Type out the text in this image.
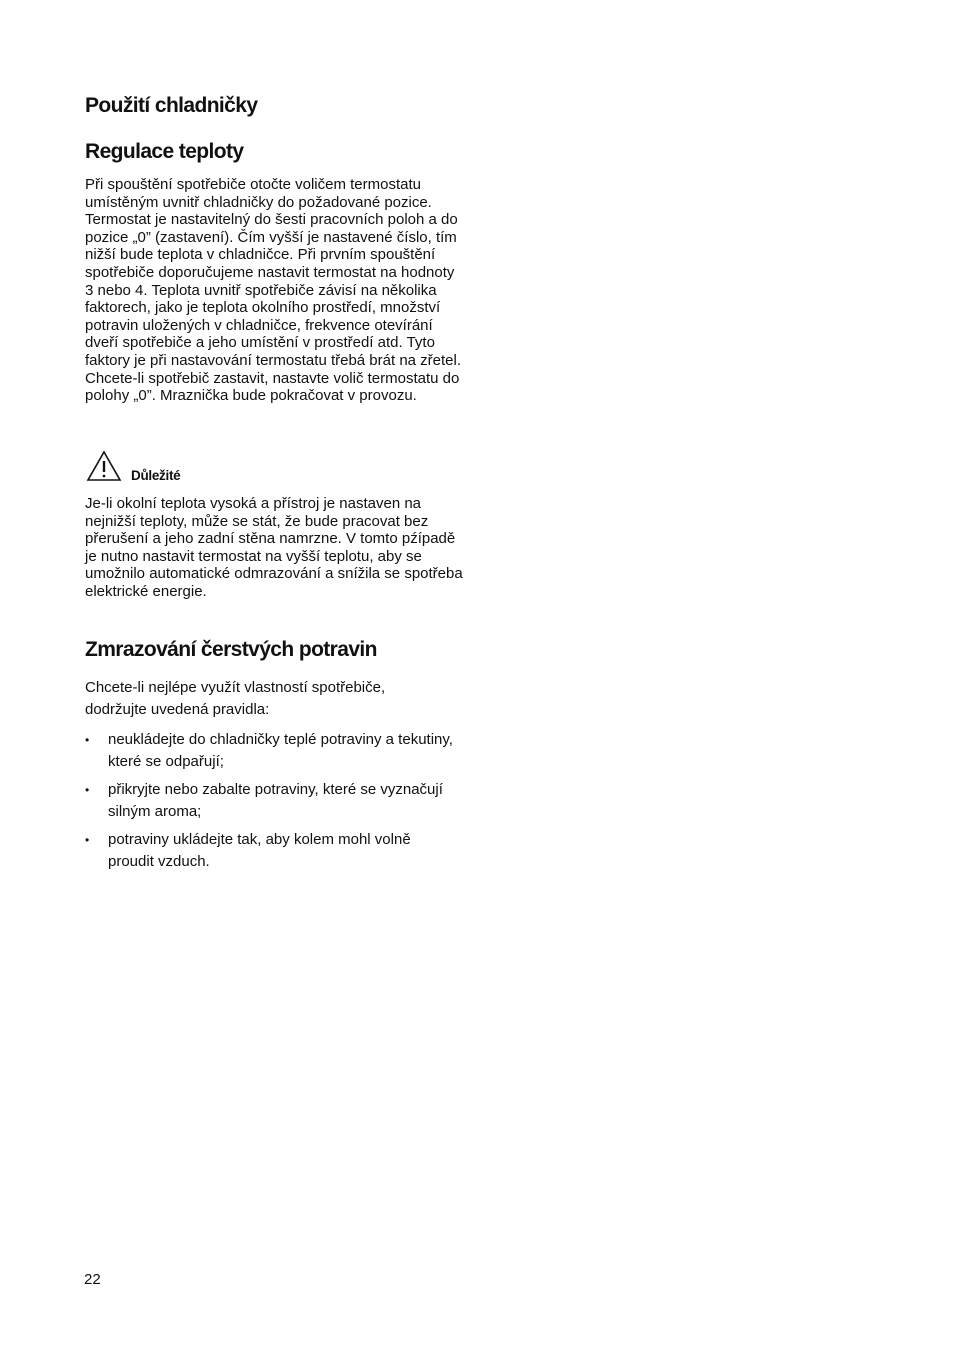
Použití chladničky
Regulace teploty

Při spouštění spotřebiče otočte voličem termostatu umístěným uvnitř chladničky do požadované pozice. Termostat je nastavitelný do šesti pracovních poloh a do pozice „0” (zastavení). Čím vyšší je nastavené číslo, tím nižší bude teplota v chladničce. Při prvním spouštění spotřebiče doporučujeme nastavit termostat na hodnoty 3 nebo 4. Teplota uvnitř spotřebiče závisí na několika faktorech, jako je teplota okolního prostředí, množství potravin uložených v chladničce, frekvence otevírání dveří spotřebiče a jeho umístění v prostředí atd. Tyto faktory je při nastavování termostatu třebá brát na zřetel. Chcete-li spotřebič zastavit, nastavte volič termostatu do polohy „0”. Mraznička bude pokračovat v provozu.

Důležité

Je-li okolní teplota vysoká a přístroj je nastaven na nejnižší teploty, může se stát, že bude pracovat bez přerušení a jeho zadní stěna namrzne. V tomto pźípadě je nutno nastavit termostat na vyšší teplotu, aby se umožnilo automatické odmrazování a snížila se spotřeba elektrické energie.

Zmrazování čerstvých potravin

Chcete-li nejlépe využít vlastností spotřebiče, dodržujte uvedená pravidla:

• neukládejte do chladničky teplé potraviny a tekutiny, které se odpařují;
• přikryjte nebo zabalte potraviny, které se vyznačují silným aroma;
• potraviny ukládejte tak, aby kolem mohl volně proudit vzduch.
22
